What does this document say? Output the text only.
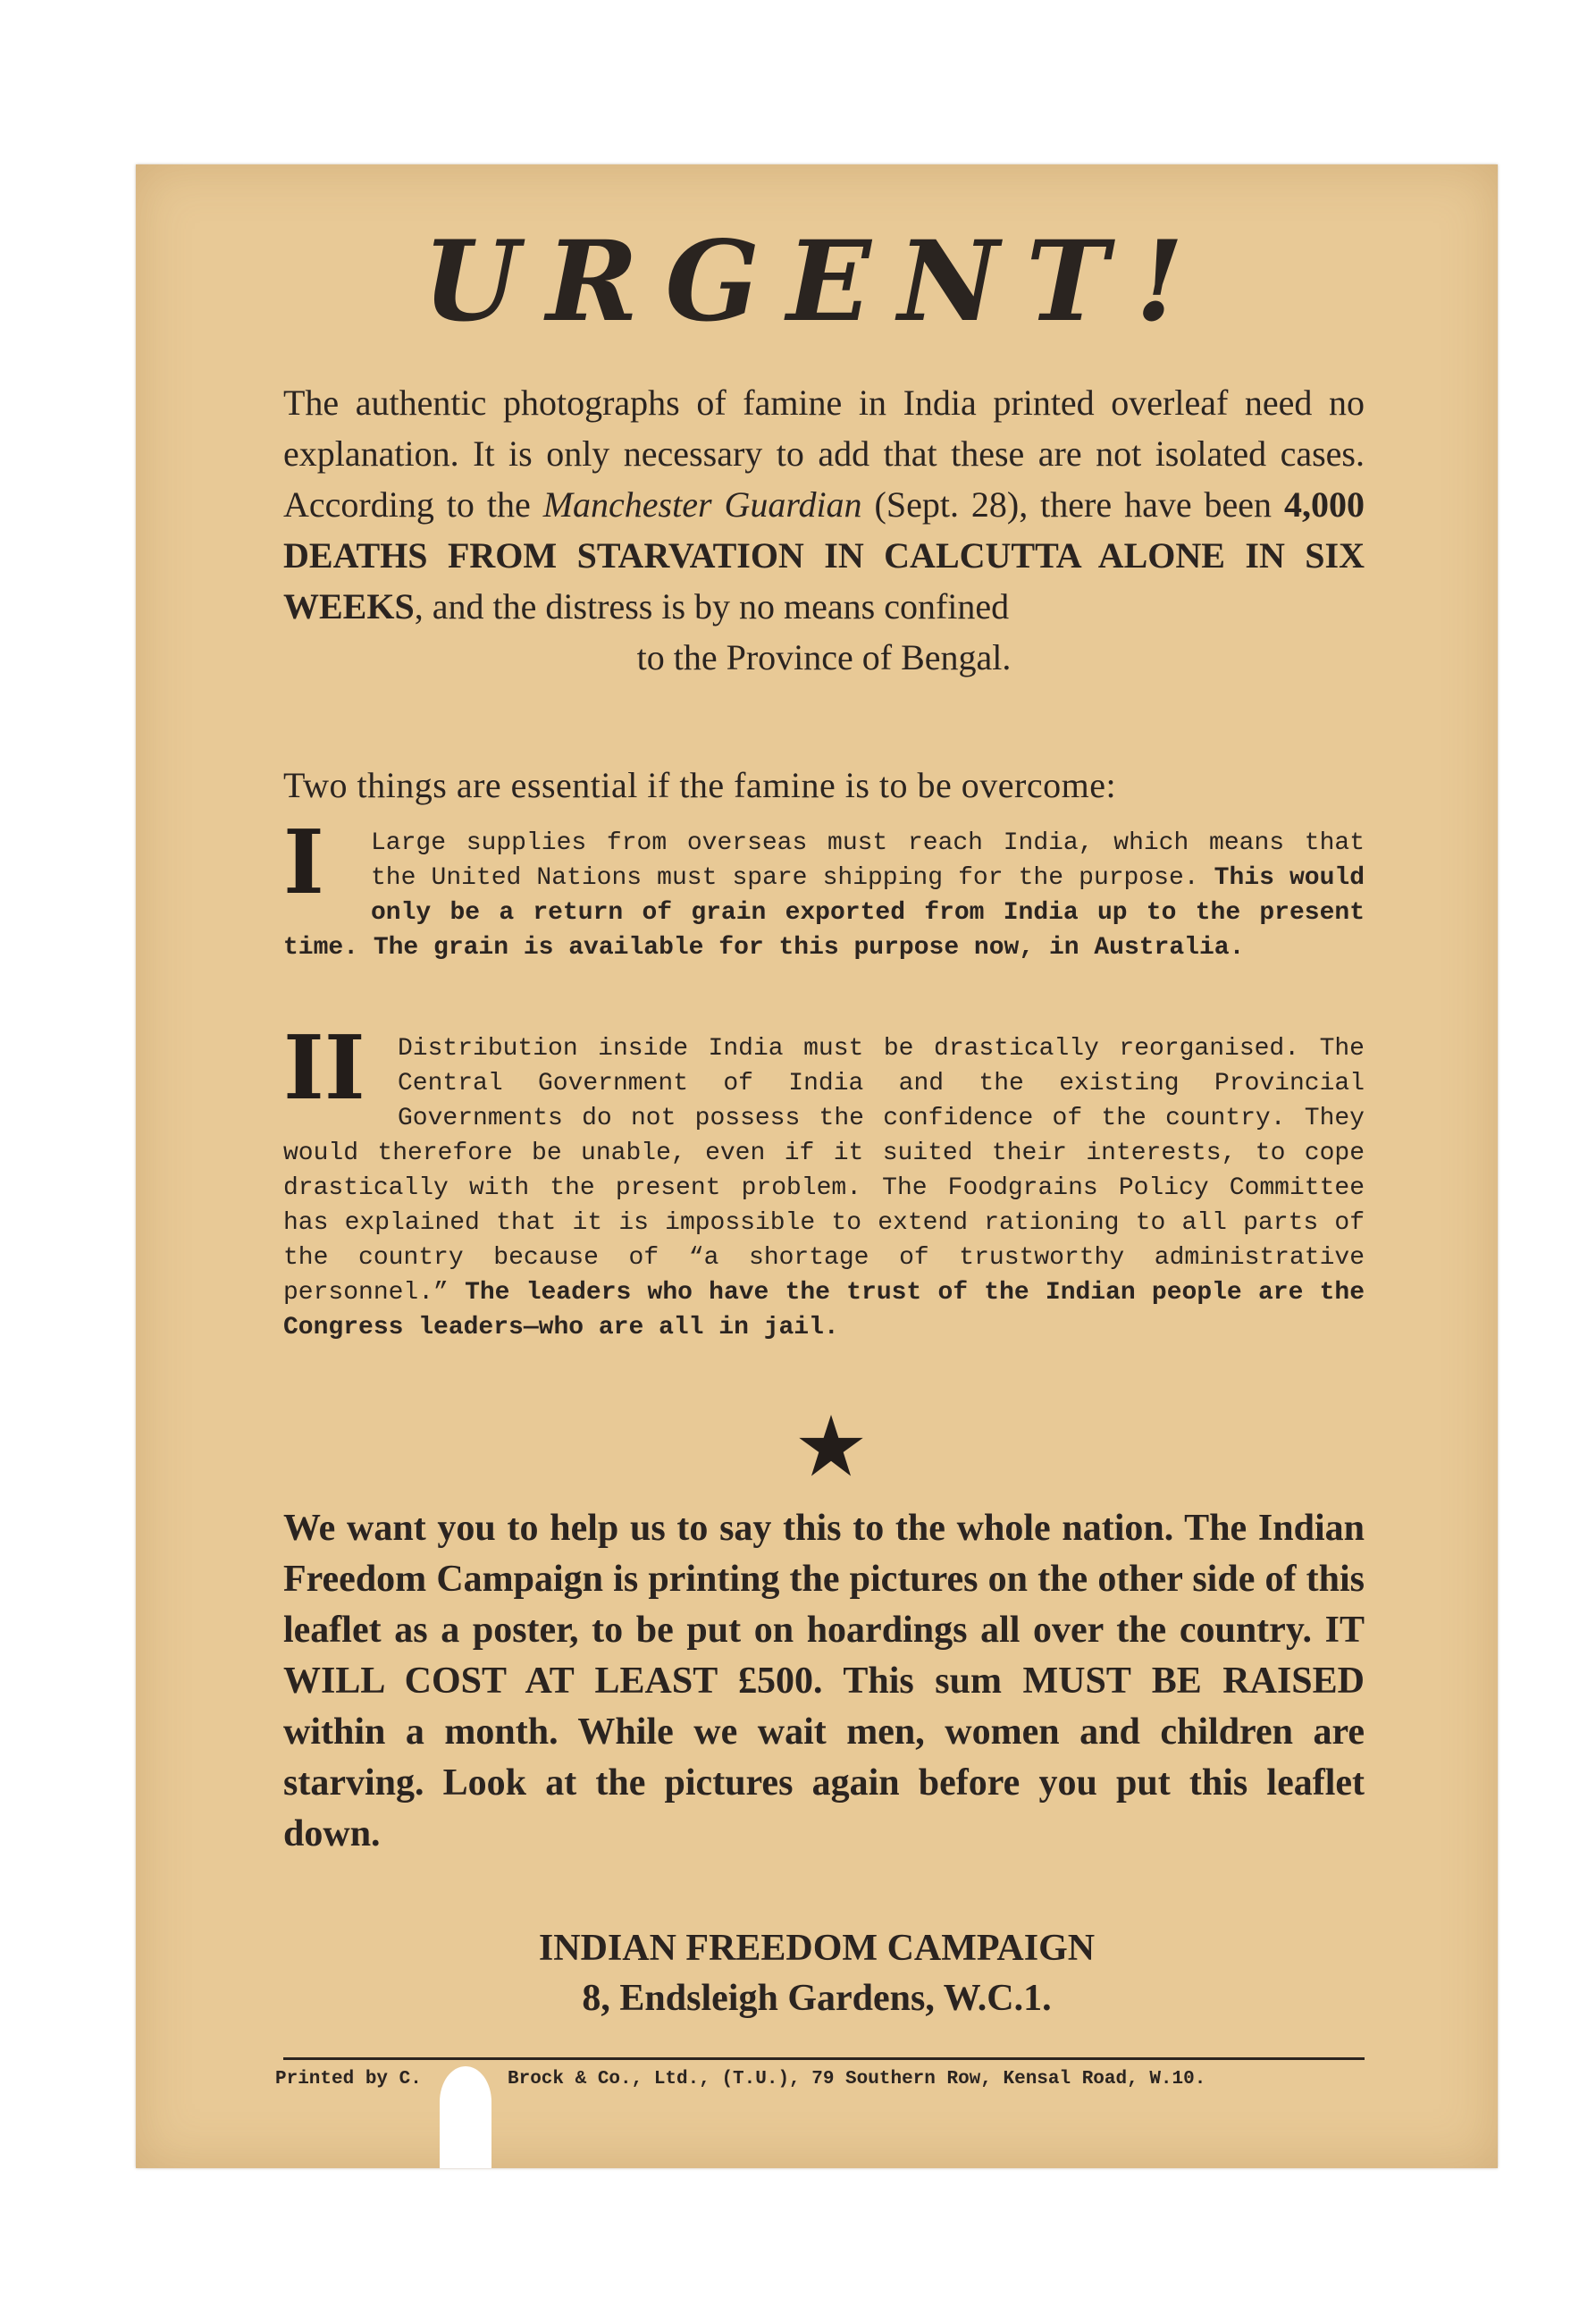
URGENT!
The authentic photographs of famine in India printed overleaf need no explanation. It is only necessary to add that these are not isolated cases. According to the Manchester Guardian (Sept. 28), there have been 4,000 DEATHS FROM STARVATION IN CALCUTTA ALONE IN SIX WEEKS, and the distress is by no means confined
to the Province of Bengal.
Two things are essential if the famine is to be overcome:
I	Large supplies from overseas must reach India, which means that the United Nations must spare shipping for the purpose. This would only be a return of grain exported from India up to the present time. The grain is available for this purpose now, in Australia.
II Distribution inside India must be drastically reorganised. The Central Government of India and the existing Provincial Governments do not possess the confidence of the country. They would therefore be unable, even if it suited their interests, to cope drastically with the present problem. The Foodgrains Policy Committee has explained that it is impossible to extend rationing to all parts of the country because of “a shortage of trustworthy administrative personnel.” The leaders who have the trust of the Indian people are the Congress leaders—who are all in jail.
We want you to help us to say this to the whole nation. The Indian Freedom Campaign is printing the pictures on the other side of this leaflet as a poster, to be put on hoardings all over the country. IT WILL COST AT LEAST £500. This sum MUST BE RAISED within a month. While we wait men, women and children are starving. Look at the pictures again before you put this leaflet down.
INDIAN FREEDOM CAMPAIGN
8, Endsleigh Gardens, W.C.1.
Printed by C.	Brock & Co., Ltd., (T.U.), 79 Southern Row, Kensal Road, W.10.
